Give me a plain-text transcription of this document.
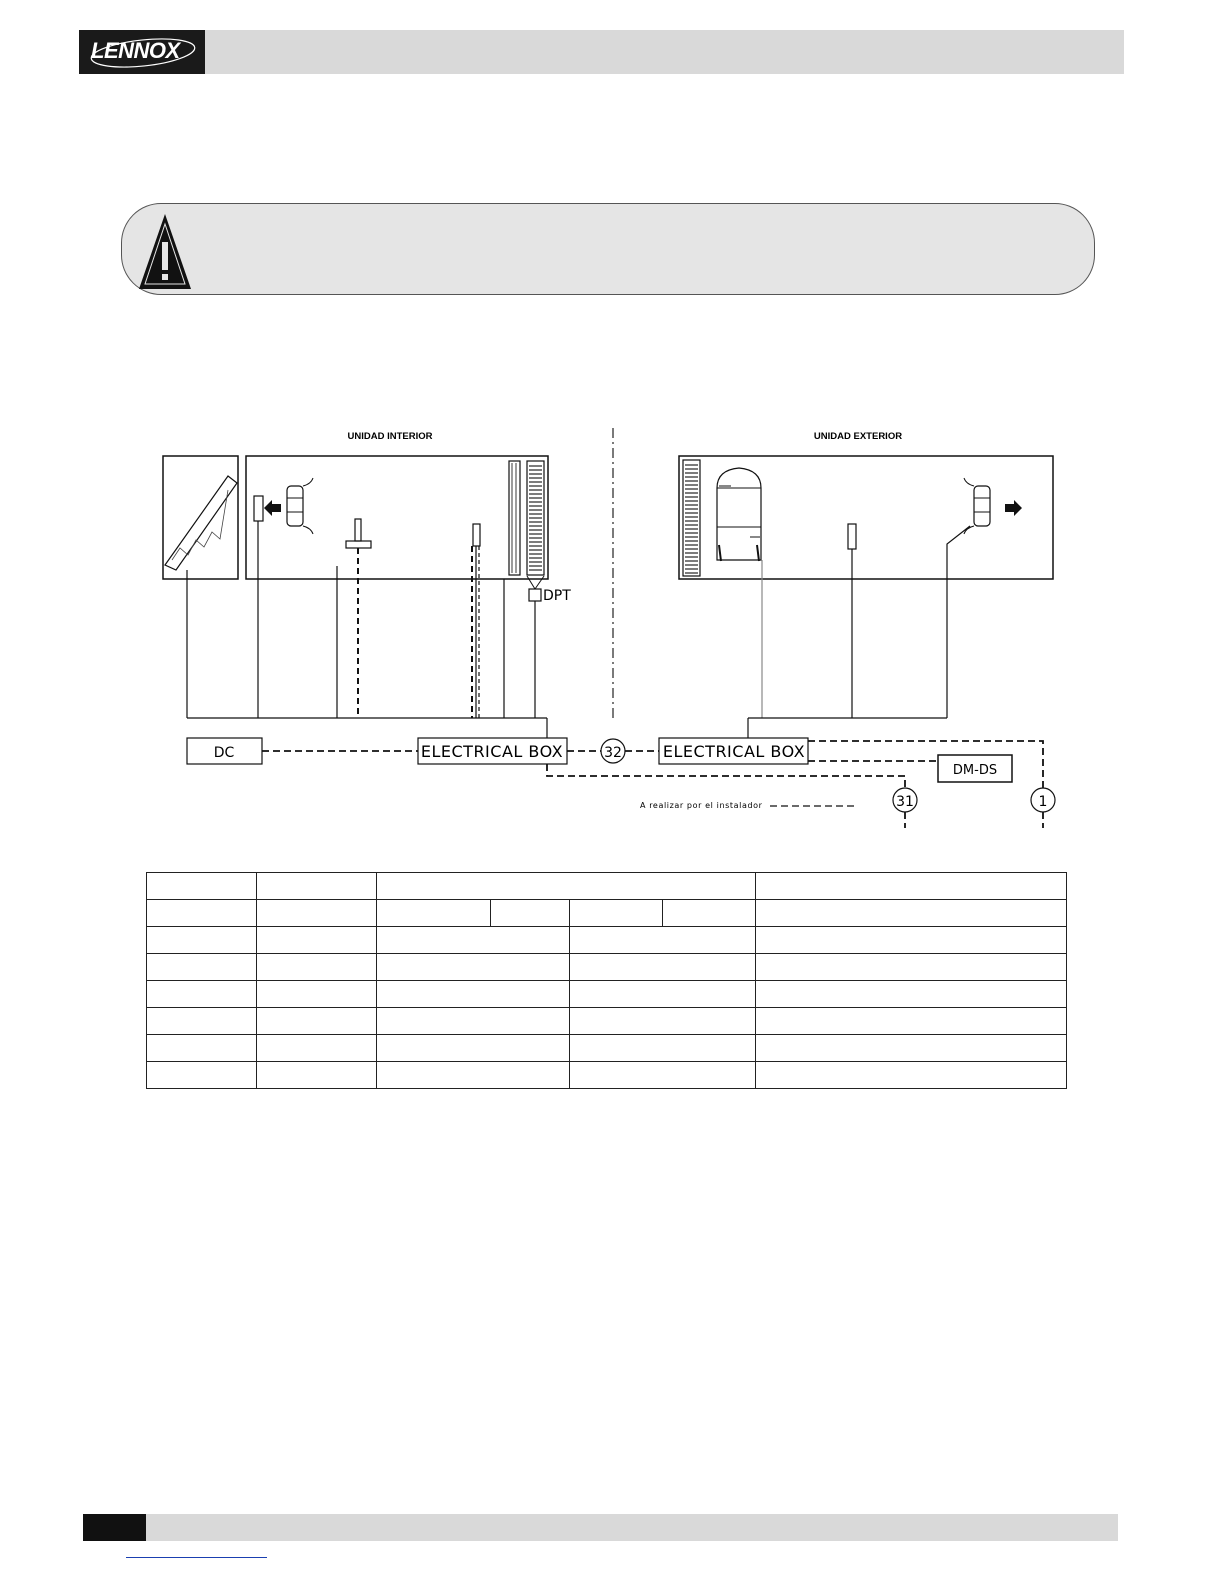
LENNOX
UNIDAD INTERIOR	UNIDAD EXTERIOR
DPT
DC	ELECTRICAL BOX	ELECTRICAL BOX
DM-DS
32
31	1
A realizar por el instalador
